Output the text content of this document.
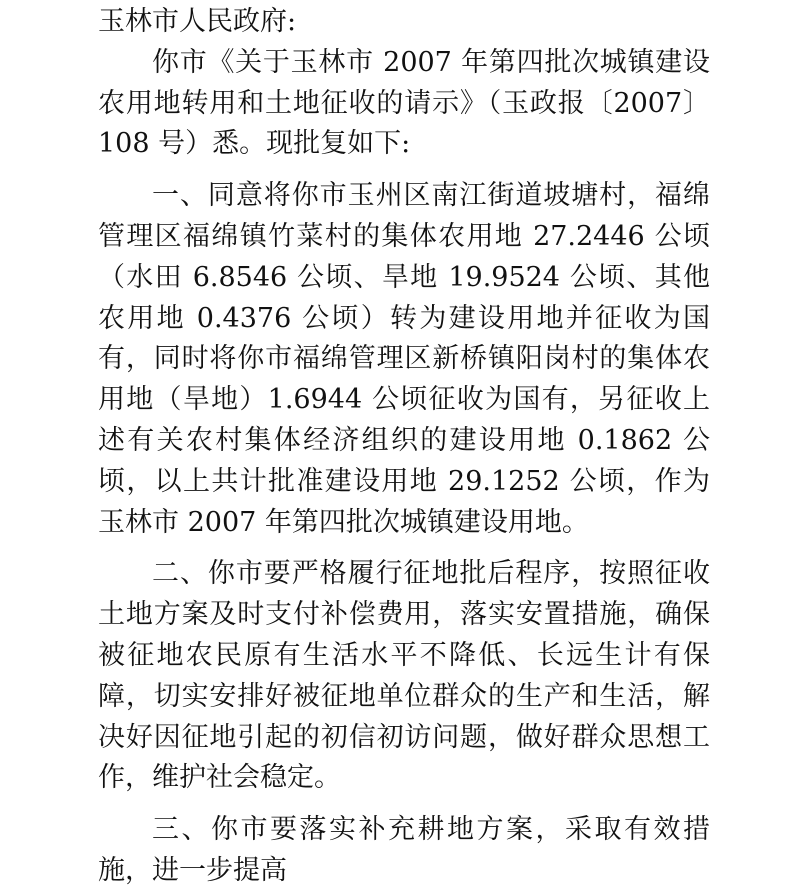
玉林市人民政府:

你市《关于玉林市 2007 年第四批次城镇建设农用地转用和土地征收的请示》（玉政报〔2007〕108 号）悉。现批复如下:

一、同意将你市玉州区南江街道坡塘村，福绵管理区福绵镇竹菜村的集体农用地 27.2446 公顷（水田 6.8546 公顷、旱地 19.9524 公顷、其他农用地 0.4376 公顷）转为建设用地并征收为国有，同时将你市福绵管理区新桥镇阳岗村的集体农用地（旱地）1.6944 公顷征收为国有，另征收上述有关农村集体经济组织的建设用地 0.1862 公顷，以上共计批准建设用地 29.1252 公顷，作为玉林市 2007 年第四批次城镇建设用地。

二、你市要严格履行征地批后程序，按照征收土地方案及时支付补偿费用，落实安置措施，确保被征地农民原有生活水平不降低、长远生计有保障，切实安排好被征地单位群众的生产和生活，解决好因征地引起的初信初访问题，做好群众思想工作，维护社会稳定。

三、你市要落实补充耕地方案，采取有效措施，进一步提高
